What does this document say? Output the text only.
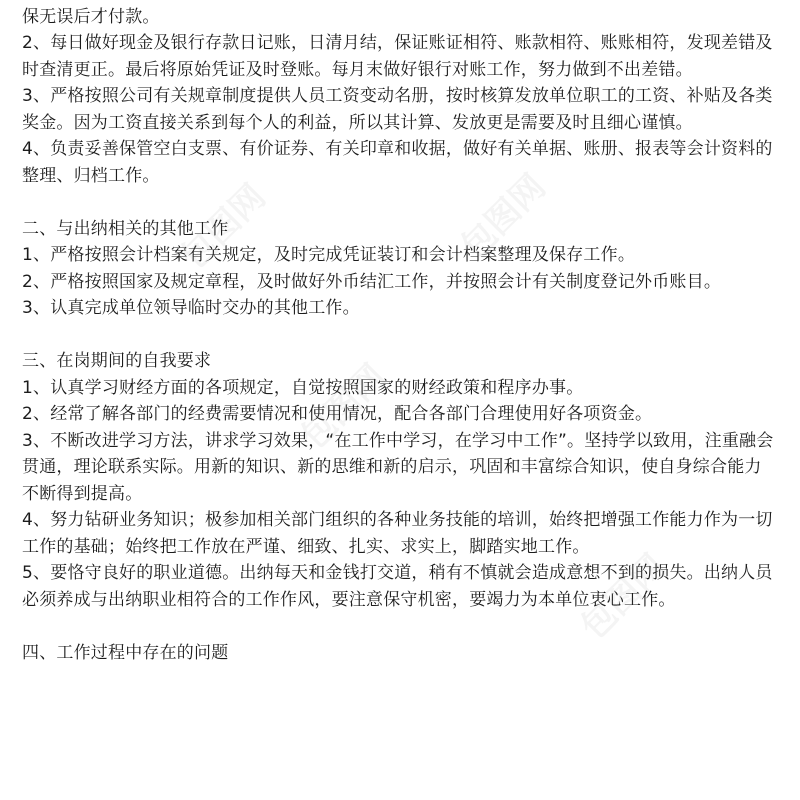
保无误后才付款。

2、每日做好现金及银行存款日记账，日清月结，保证账证相符、账款相符、账账相符，发现差错及时查清更正。最后将原始凭证及时登账。每月末做好银行对账工作，努力做到不出差错。

3、严格按照公司有关规章制度提供人员工资变动名册，按时核算发放单位职工的工资、补贴及各类奖金。因为工资直接关系到每个人的利益，所以其计算、发放更是需要及时且细心谨慎。

4、负责妥善保管空白支票、有价证券、有关印章和收据，做好有关单据、账册、报表等会计资料的整理、归档工作。

二、与出纳相关的其他工作

1、严格按照会计档案有关规定，及时完成凭证装订和会计档案整理及保存工作。

2、严格按照国家及规定章程，及时做好外币结汇工作，并按照会计有关制度登记外币账目。

3、认真完成单位领导临时交办的其他工作。

三、在岗期间的自我要求

1、认真学习财经方面的各项规定，自觉按照国家的财经政策和程序办事。

2、经常了解各部门的经费需要情况和使用情况，配合各部门合理使用好各项资金。

3、不断改进学习方法，讲求学习效果，“在工作中学习，在学习中工作”。坚持学以致用，注重融会贯通，理论联系实际。用新的知识、新的思维和新的启示，巩固和丰富综合知识，使自身综合能力不断得到提高。

4、努力钻研业务知识；极参加相关部门组织的各种业务技能的培训，始终把增强工作能力作为一切工作的基础；始终把工作放在严谨、细致、扎实、求实上，脚踏实地工作。

5、要恪守良好的职业道德。出纳每天和金钱打交道，稍有不慎就会造成意想不到的损失。出纳人员必须养成与出纳职业相符合的工作作风，要注意保守机密，要竭力为本单位衷心工作。

四、工作过程中存在的问题

包图网	包图网
包图网
包图网
